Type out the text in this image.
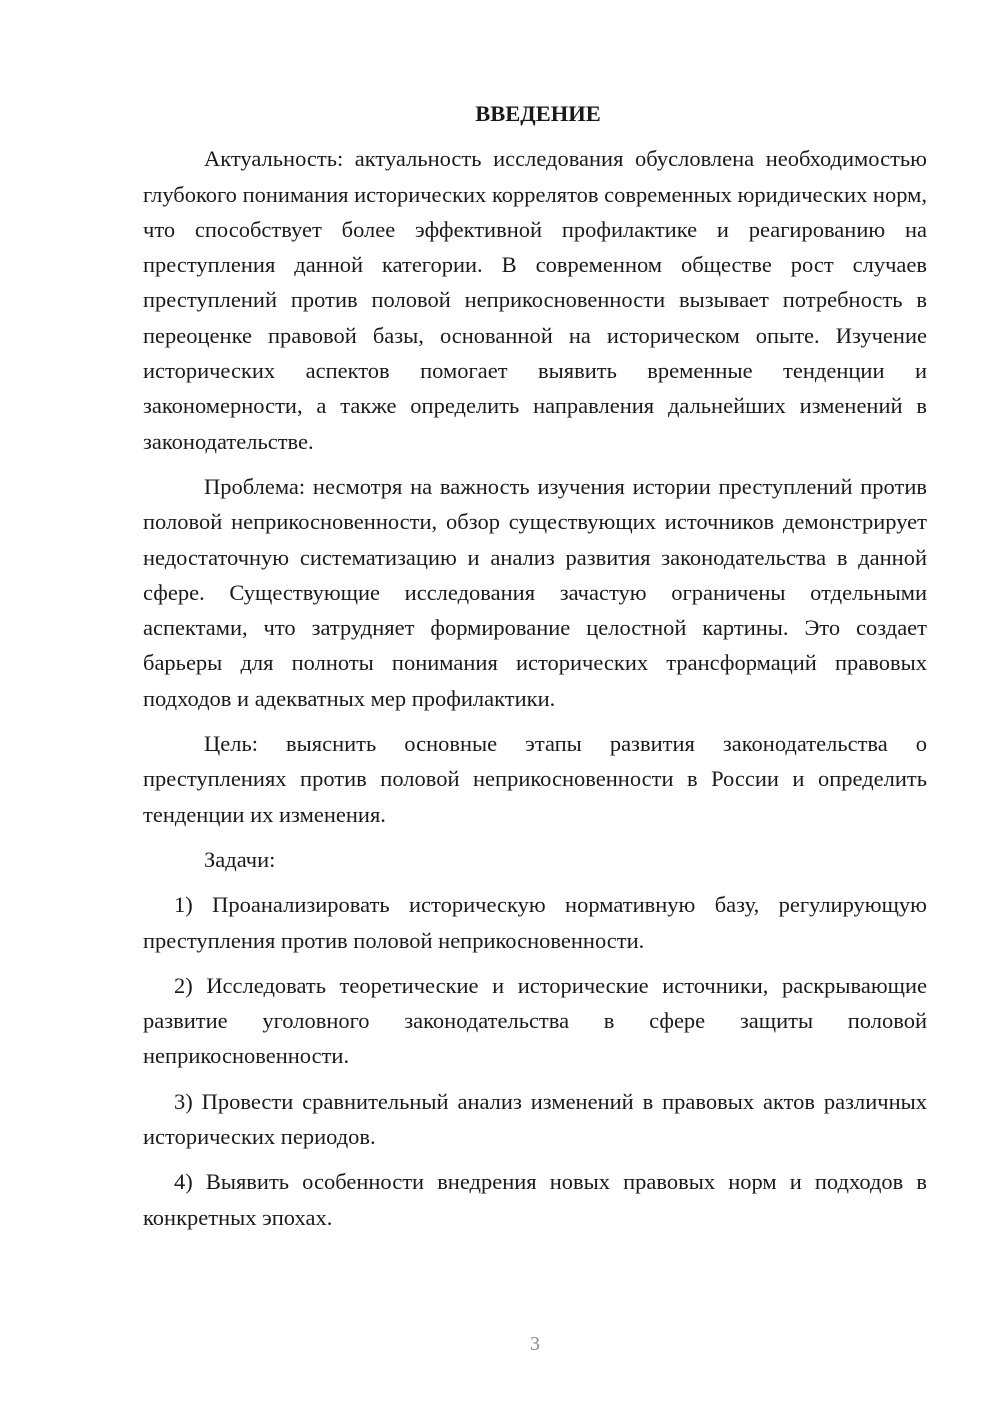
ВВЕДЕНИЕ

Актуальность: актуальность исследования обусловлена необходимостью глубокого понимания исторических коррелятов современных юридических норм, что способствует более эффективной профилактике и реагированию на преступления данной категории. В современном обществе рост случаев преступлений против половой неприкосновенности вызывает потребность в переоценке правовой базы, основанной на историческом опыте. Изучение исторических аспектов помогает выявить временные тенденции и закономерности, а также определить направления дальнейших изменений в законодательстве.

Проблема: несмотря на важность изучения истории преступлений против половой неприкосновенности, обзор существующих источников демонстрирует недостаточную систематизацию и анализ развития законодательства в данной сфере. Существующие исследования зачастую ограничены отдельными аспектами, что затрудняет формирование целостной картины. Это создает барьеры для полноты понимания исторических трансформаций правовых подходов и адекватных мер профилактики.

Цель: выяснить основные этапы развития законодательства о преступлениях против половой неприкосновенности в России и определить тенденции их изменения.

Задачи:

1) Проанализировать историческую нормативную базу, регулирующую преступления против половой неприкосновенности.

2) Исследовать теоретические и исторические источники, раскрывающие развитие уголовного законодательства в сфере защиты половой неприкосновенности.

3) Провести сравнительный анализ изменений в правовых актов различных исторических периодов.

4) Выявить особенности внедрения новых правовых норм и подходов в конкретных эпохах.

3
